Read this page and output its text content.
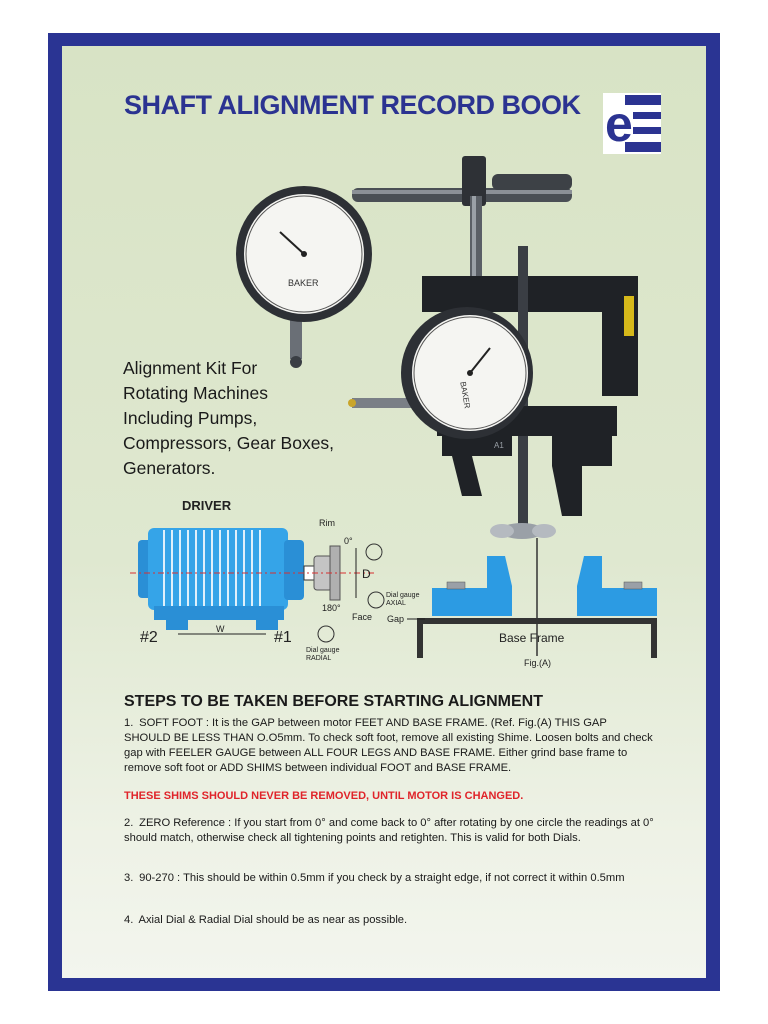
SHAFT ALIGNMENT RECORD BOOK e
A1
BAKER
BAKER
Alignment Kit For
Rotating Machines
Including Pumps,
Compressors, Gear Boxes,
Generators.
DRIVER
Rim
0°
D
180°
Face
Dial gauge
AXIAL
Dial gauge
RADIAL
#2	#1
W
Gap
Base Frame
Fig.(A)
STEPS TO BE TAKEN BEFORE STARTING ALIGNMENT
1. SOFT FOOT : It is the GAP between motor FEET AND BASE FRAME. (Ref. Fig.(A) THIS GAP SHOULD BE LESS THAN O.O5mm. To check soft foot, remove all existing Shime. Loosen bolts and check gap with FEELER GAUGE between ALL FOUR LEGS AND BASE FRAME. Either grind base frame to remove soft foot or ADD SHIMS between individual FOOT and BASE FRAME.
THESE SHIMS SHOULD NEVER BE REMOVED, UNTIL MOTOR IS CHANGED.
2. ZERO Reference : If you start from 0° and come back to 0° after rotating by one circle the readings at 0° should match, otherwise check all tightening points and retighten. This is valid for both Dials.
3. 90-270 : This should be within 0.5mm if you check by a straight edge, if not correct it within 0.5mm
4. Axial Dial & Radial Dial should be as near as possible.
